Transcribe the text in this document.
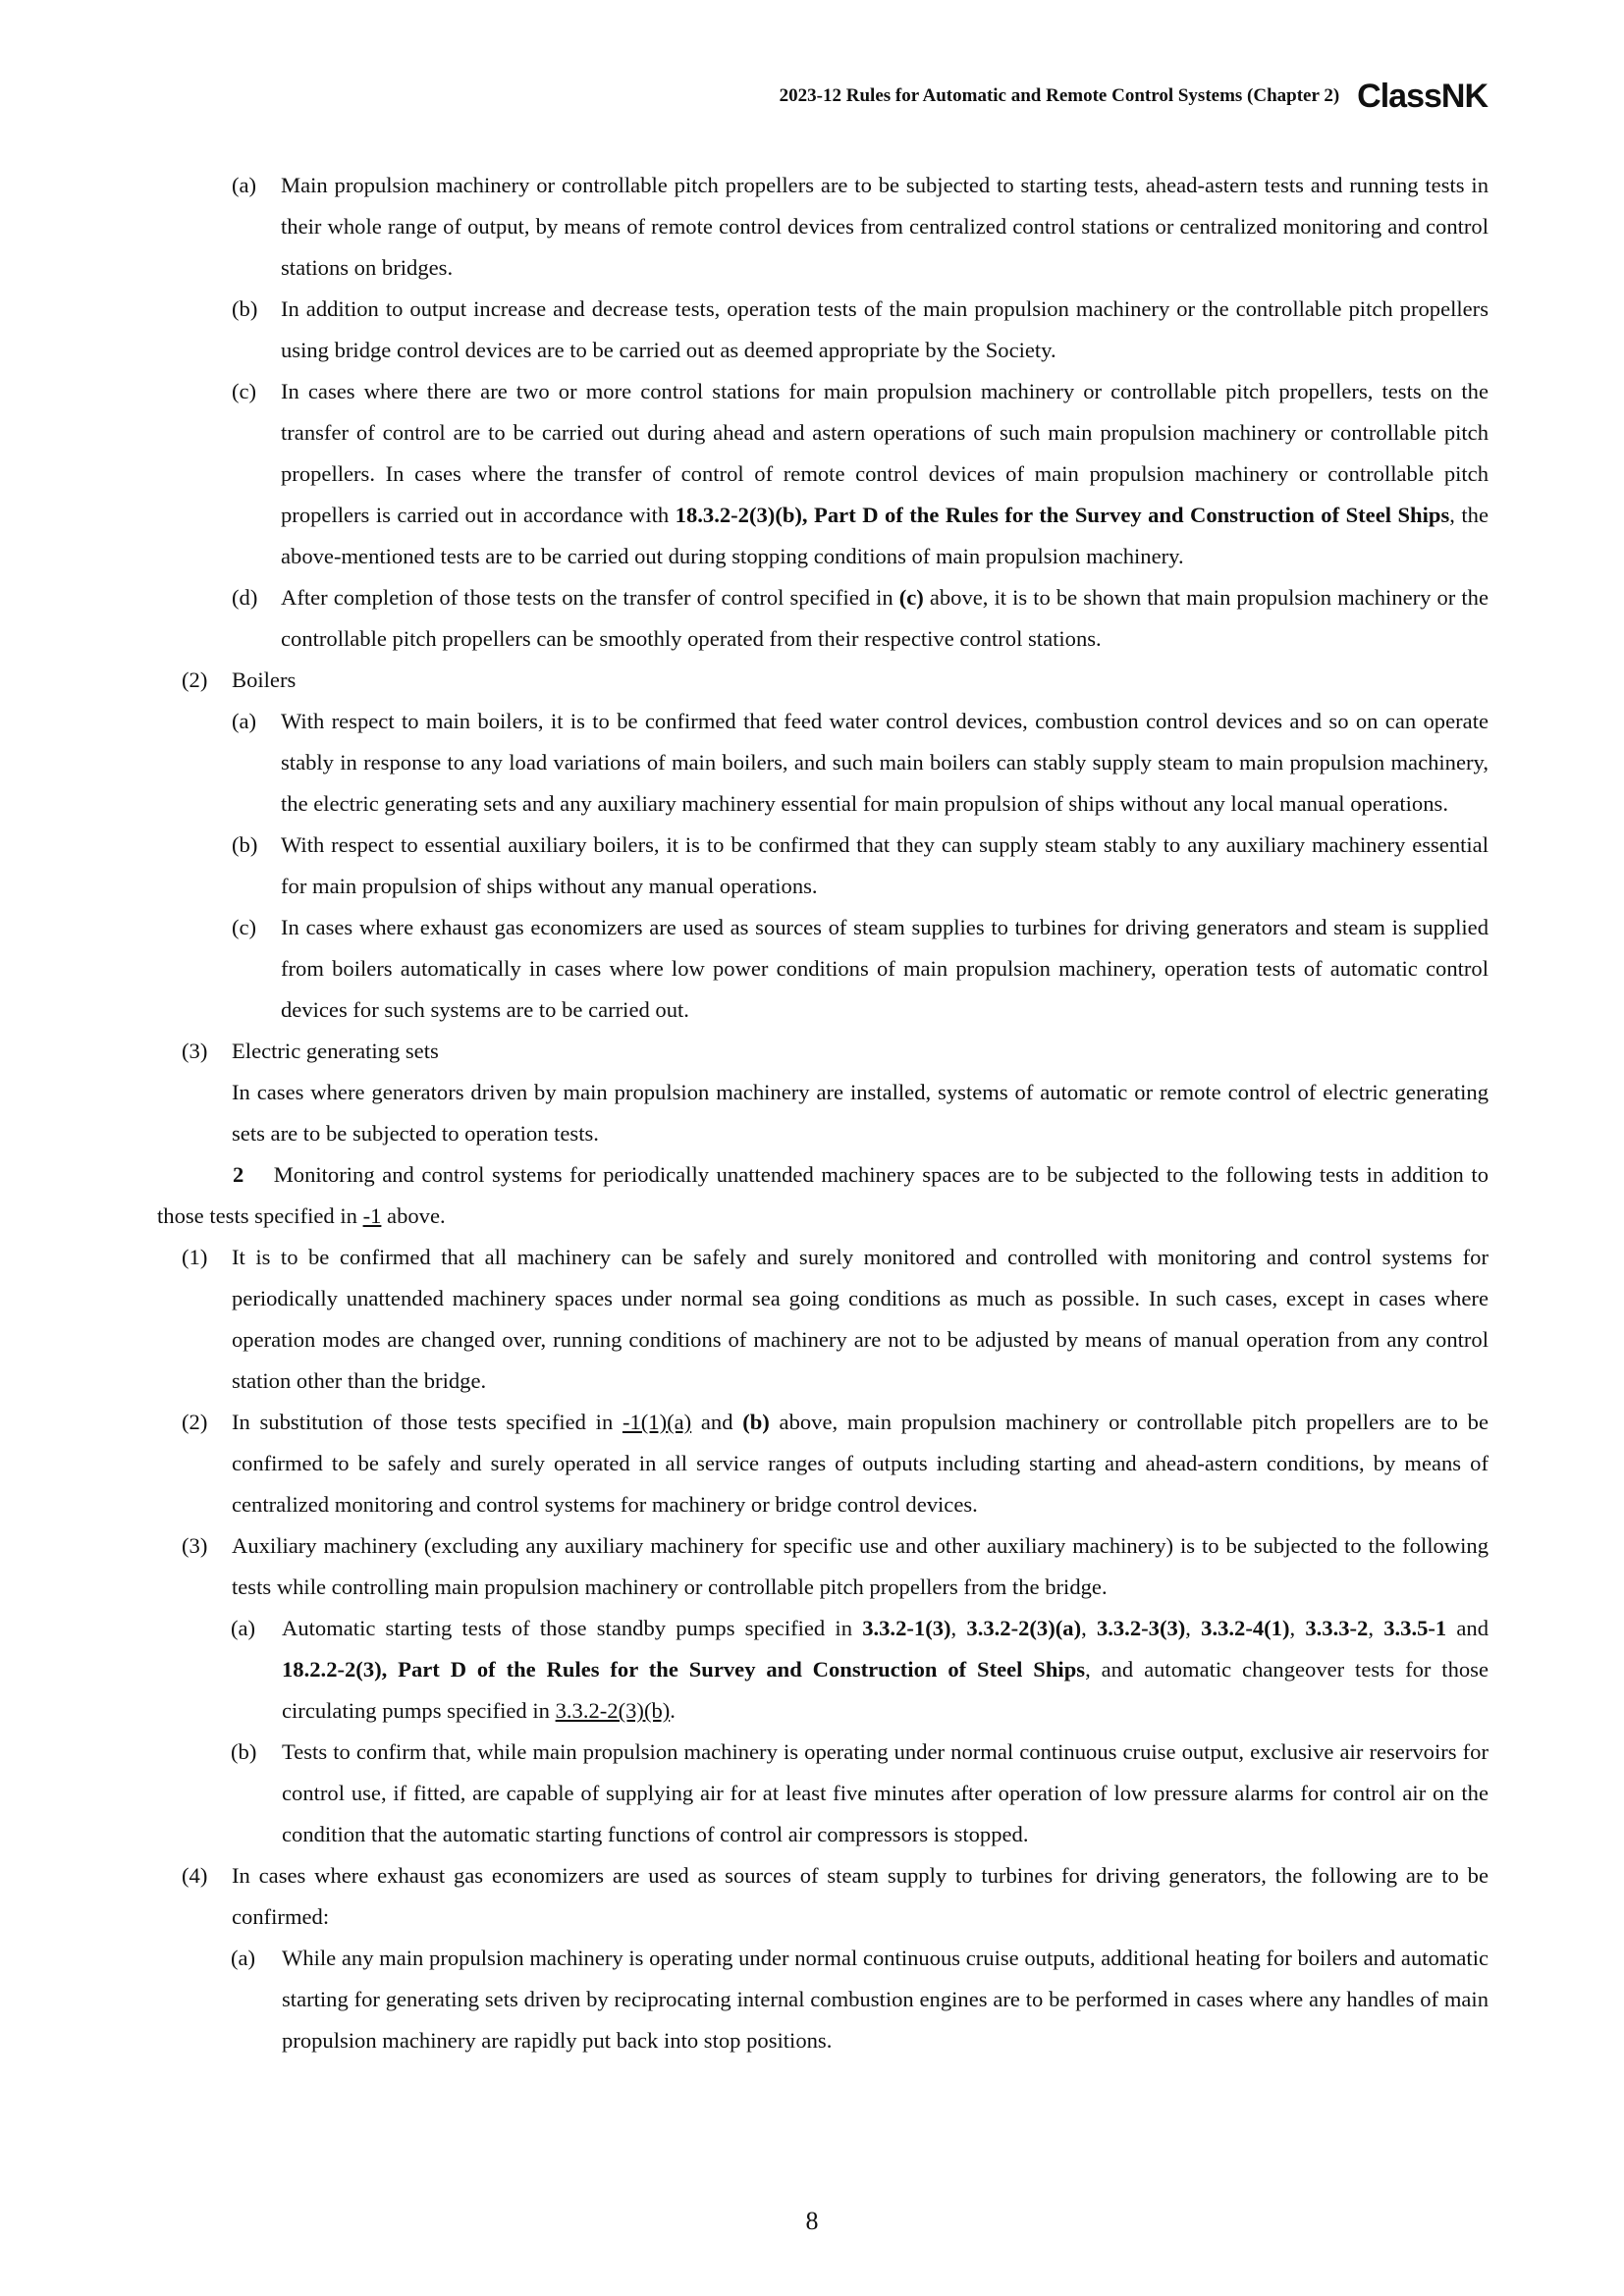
2023-12 Rules for Automatic and Remote Control Systems (Chapter 2) ClassNK
(a) Main propulsion machinery or controllable pitch propellers are to be subjected to starting tests, ahead-astern tests and running tests in their whole range of output, by means of remote control devices from centralized control stations or centralized monitoring and control stations on bridges.
(b) In addition to output increase and decrease tests, operation tests of the main propulsion machinery or the controllable pitch propellers using bridge control devices are to be carried out as deemed appropriate by the Society.
(c) In cases where there are two or more control stations for main propulsion machinery or controllable pitch propellers, tests on the transfer of control are to be carried out during ahead and astern operations of such main propulsion machinery or controllable pitch propellers. In cases where the transfer of control of remote control devices of main propulsion machinery or controllable pitch propellers is carried out in accordance with 18.3.2-2(3)(b), Part D of the Rules for the Survey and Construction of Steel Ships, the above-mentioned tests are to be carried out during stopping conditions of main propulsion machinery.
(d) After completion of those tests on the transfer of control specified in (c) above, it is to be shown that main propulsion machinery or the controllable pitch propellers can be smoothly operated from their respective control stations.
(2) Boilers
(a) With respect to main boilers, it is to be confirmed that feed water control devices, combustion control devices and so on can operate stably in response to any load variations of main boilers, and such main boilers can stably supply steam to main propulsion machinery, the electric generating sets and any auxiliary machinery essential for main propulsion of ships without any local manual operations.
(b) With respect to essential auxiliary boilers, it is to be confirmed that they can supply steam stably to any auxiliary machinery essential for main propulsion of ships without any manual operations.
(c) In cases where exhaust gas economizers are used as sources of steam supplies to turbines for driving generators and steam is supplied from boilers automatically in cases where low power conditions of main propulsion machinery, operation tests of automatic control devices for such systems are to be carried out.
(3) Electric generating sets
In cases where generators driven by main propulsion machinery are installed, systems of automatic or remote control of electric generating sets are to be subjected to operation tests.
2 Monitoring and control systems for periodically unattended machinery spaces are to be subjected to the following tests in addition to those tests specified in -1 above.
(1) It is to be confirmed that all machinery can be safely and surely monitored and controlled with monitoring and control systems for periodically unattended machinery spaces under normal sea going conditions as much as possible. In such cases, except in cases where operation modes are changed over, running conditions of machinery are not to be adjusted by means of manual operation from any control station other than the bridge.
(2) In substitution of those tests specified in -1(1)(a) and (b) above, main propulsion machinery or controllable pitch propellers are to be confirmed to be safely and surely operated in all service ranges of outputs including starting and ahead-astern conditions, by means of centralized monitoring and control systems for machinery or bridge control devices.
(3) Auxiliary machinery (excluding any auxiliary machinery for specific use and other auxiliary machinery) is to be subjected to the following tests while controlling main propulsion machinery or controllable pitch propellers from the bridge.
(a) Automatic starting tests of those standby pumps specified in 3.3.2-1(3), 3.3.2-2(3)(a), 3.3.2-3(3), 3.3.2-4(1), 3.3.3-2, 3.3.5-1 and 18.2.2-2(3), Part D of the Rules for the Survey and Construction of Steel Ships, and automatic changeover tests for those circulating pumps specified in 3.3.2-2(3)(b).
(b) Tests to confirm that, while main propulsion machinery is operating under normal continuous cruise output, exclusive air reservoirs for control use, if fitted, are capable of supplying air for at least five minutes after operation of low pressure alarms for control air on the condition that the automatic starting functions of control air compressors is stopped.
(4) In cases where exhaust gas economizers are used as sources of steam supply to turbines for driving generators, the following are to be confirmed:
(a) While any main propulsion machinery is operating under normal continuous cruise outputs, additional heating for boilers and automatic starting for generating sets driven by reciprocating internal combustion engines are to be performed in cases where any handles of main propulsion machinery are rapidly put back into stop positions.
8
